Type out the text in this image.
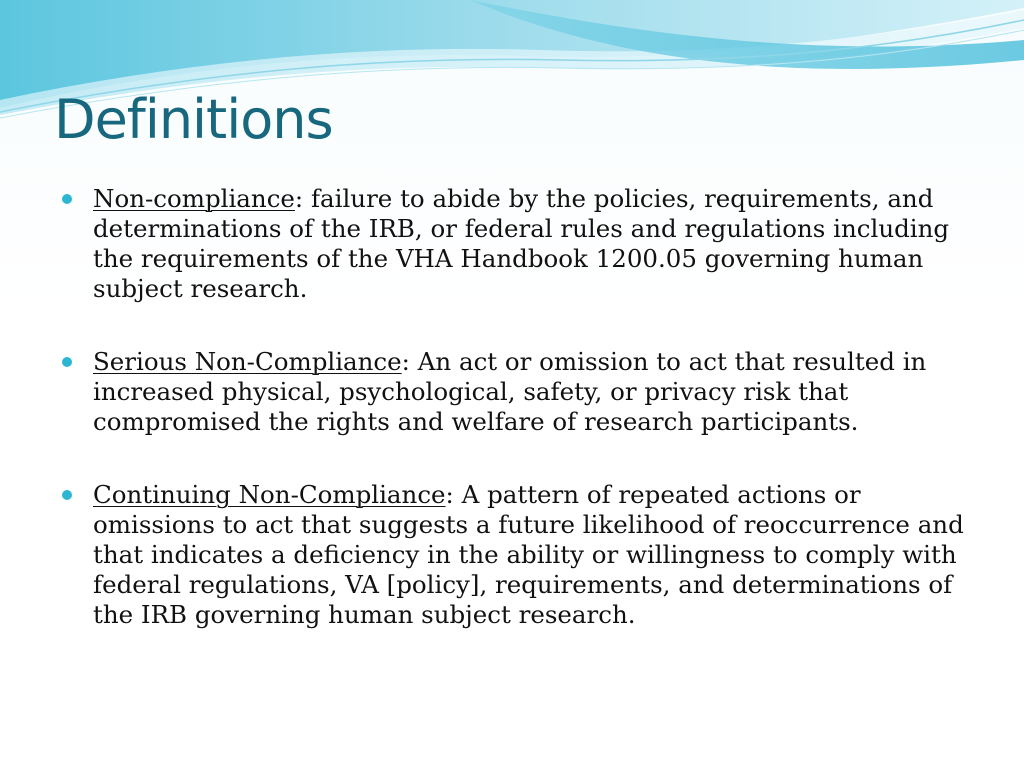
Definitions
Non-compliance: failure to abide by the policies, requirements, and determinations of the IRB, or federal rules and regulations including the requirements of the VHA Handbook 1200.05 governing human subject research.
Serious Non-Compliance: An act or omission to act that resulted in increased physical, psychological, safety, or privacy risk that compromised the rights and welfare of research participants.
Continuing Non-Compliance: A pattern of repeated actions or omissions to act that suggests a future likelihood of reoccurrence and that indicates a deficiency in the ability or willingness to comply with federal regulations, VA [policy], requirements, and determinations of the IRB governing human subject research.
